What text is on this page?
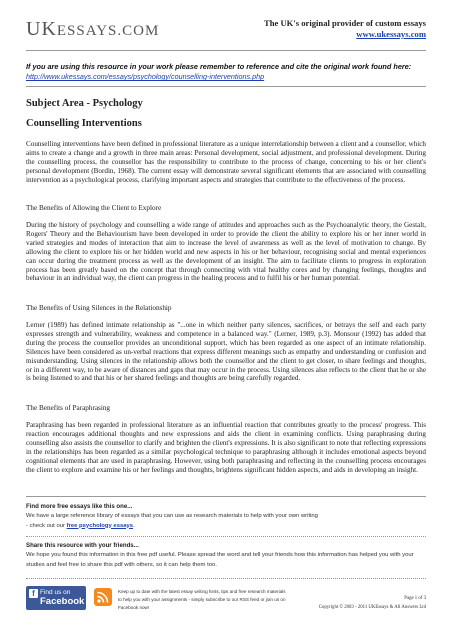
UKESSAYS.COM	The UK's original provider of custom essays
www.ukessays.com
If you are using this resource in your work please remember to reference and cite the original work found here:
http://www.ukessays.com/essays/psychology/counselling-interventions.php
Subject Area - Psychology
Counselling Interventions
Counselling interventions have been defined in professional literature as a unique interrelationship between a client and a counsellor, which aims to create a change and a growth in three main areas: Personal development, social adjustment, and professional development. During the counselling process, the counsellor has the responsibility to contribute to the process of change, concerning to his or her client's personal development (Bordin, 1968). The current essay will demonstrate several significant elements that are associated with counselling intervention as a psychological process, clarifying important aspects and strategies that contribute to the effectiveness of the process.
The Benefits of Allowing the Client to Explore
During the history of psychology and counselling a wide range of attitudes and approaches such as the Psychoanalytic theory, the Gestalt, Rogers' Theory and the Behaviourism have been developed in order to provide the client the ability to explore his or her inner world in varied strategies and modes of interaction that aim to increase the level of awareness as well as the level of motivation to change. By allowing the client to explore his or her hidden world and new aspects in his or her behaviour, recognising social and mental experiences can occur during the treatment process as well as the development of an insight. The aim to facilitate clients to progress in exploration process has been greatly based on the concept that through connecting with vital healthy cores and by changing feelings, thoughts and behaviour in an individual way, the client can progress in the healing process and to fulfil his or her human potential.
The Benefits of Using Silences in the Relationship
Lerner (1989) has defined intimate relationship as "...one in which neither party silences, sacrifices, or betrays the self and each party expresses strength and vulnerability, weakness and competence in a balanced way." (Lerner, 1989, p.3). Monsour (1992) has added that during the process the counsellor provides an unconditional support, which has been regarded as one aspect of an intimate relationship. Silences have been considered as un-verbal reactions that express different meanings such as empathy and understanding or confusion and misunderstanding. Using silences in the relationship allows both the counsellor and the client to get closer, to share feelings and thoughts, or in a different way, to be aware of distances and gaps that may occur in the process. Using silences also reflects to the client that he or she is being listened to and that his or her shared feelings and thoughts are being carefully regarded.
The Benefits of Paraphrasing
Paraphrasing has been regarded in professional literature as an influential reaction that contributes greatly to the process' progress. This reaction encourages additional thoughts and new expressions and aids the client in examining conflicts. Using paraphrasing during counselling also assists the counsellor to clarify and brighten the client's expressions. It is also significant to note that reflecting expressions in the relationships has been regarded as a similar psychological technique to paraphrasing although it includes emotional aspects beyond cognitional elements that are used in paraphrasing. However, using both paraphrasing and reflecting in the counselling process encourages the client to explore and examine his or her feelings and thoughts, brightens significant hidden aspects, and aids in developing an insight.
Find more free essays like this one...
We have a large reference library of essays that you can use as research materials to help with your own writing
- check out our free psychology essays.
Share this resource with your friends...
We hope you found this information in this free pdf useful. Please spread the word and tell your friends how this information has helped you with your studies and feel free to share this pdf with others, so it can help them too.
f Find us on
Facebook
Keep up to date with the latest essay writing hints, tips and free research materials
to help you with your assignments - simply subscribe to our RSS feed or join us on
Facebook now!
Page 1 of 3
Copyright © 2003 - 2011 UKEssays & All Answers Ltd
